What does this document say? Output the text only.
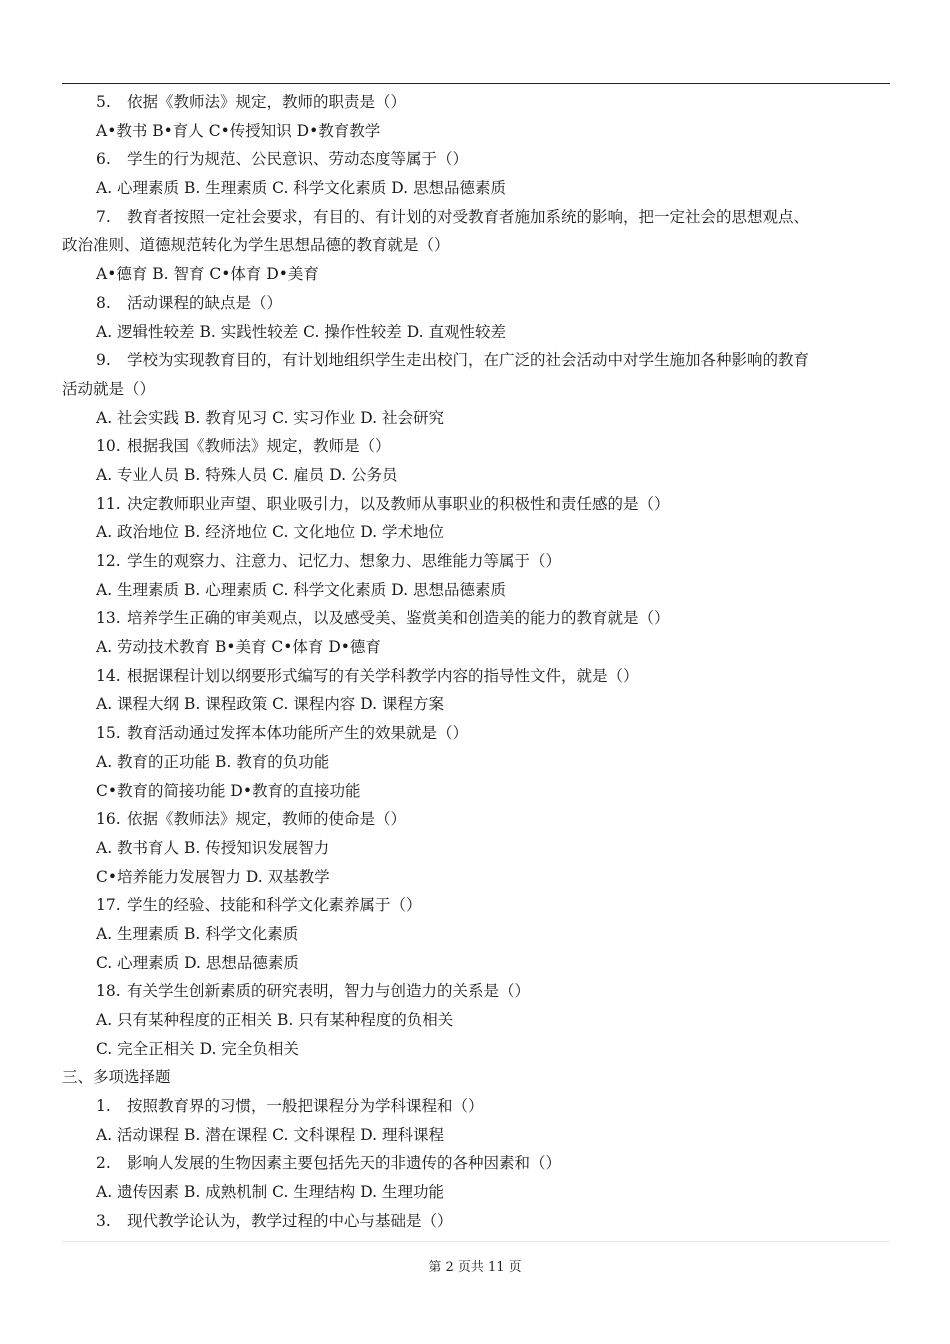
5. 依据《教师法》规定，教师的职责是（）
A•教书 B•育人 C•传授知识 D•教育教学
6. 学生的行为规范、公民意识、劳动态度等属于（）
A. 心理素质 B. 生理素质 C. 科学文化素质 D. 思想品德素质
7. 教育者按照一定社会要求，有目的、有计划的对受教育者施加系统的影响，把一定社会的思想观点、
政治准则、道德规范转化为学生思想品德的教育就是（）
A•德育 B. 智育 C•体育 D•美育
8. 活动课程的缺点是（）
A. 逻辑性较差 B. 实践性较差 C. 操作性较差 D. 直观性较差
9. 学校为实现教育目的，有计划地组织学生走出校门，在广泛的社会活动中对学生施加各种影响的教育
活动就是（）
A. 社会实践 B. 教育见习 C. 实习作业 D. 社会研究
10. 根据我国《教师法》规定，教师是（）
A. 专业人员 B. 特殊人员 C. 雇员 D. 公务员
11. 决定教师职业声望、职业吸引力，以及教师从事职业的积极性和责任感的是（）
A. 政治地位 B. 经济地位 C. 文化地位 D. 学术地位
12. 学生的观察力、注意力、记忆力、想象力、思维能力等属于（）
A. 生理素质 B. 心理素质 C. 科学文化素质 D. 思想品德素质
13. 培养学生正确的审美观点，以及感受美、鉴赏美和创造美的能力的教育就是（）
A. 劳动技术教育 B•美育 C•体育 D•德育
14. 根据课程计划以纲要形式编写的有关学科教学内容的指导性文件，就是（）
A. 课程大纲 B. 课程政策 C. 课程内容 D. 课程方案
15. 教育活动通过发挥本体功能所产生的效果就是（）
A. 教育的正功能 B. 教育的负功能
C•教育的简接功能 D•教育的直接功能
16. 依据《教师法》规定，教师的使命是（）
A. 教书育人 B. 传授知识发展智力
C•培养能力发展智力 D. 双基教学
17. 学生的经验、技能和科学文化素养属于（）
A. 生理素质 B. 科学文化素质
C. 心理素质 D. 思想品德素质
18. 有关学生创新素质的研究表明，智力与创造力的关系是（）
A. 只有某种程度的正相关 B. 只有某种程度的负相关
C. 完全正相关 D. 完全负相关
三、多项选择题
1. 按照教育界的习惯，一般把课程分为学科课程和（）
A. 活动课程 B. 潜在课程 C. 文科课程 D. 理科课程
2. 影响人发展的生物因素主要包括先天的非遗传的各种因素和（）
A. 遗传因素 B. 成熟机制 C. 生理结构 D. 生理功能
3. 现代教学论认为，教学过程的中心与基础是（）
第 2 页共 11 页
